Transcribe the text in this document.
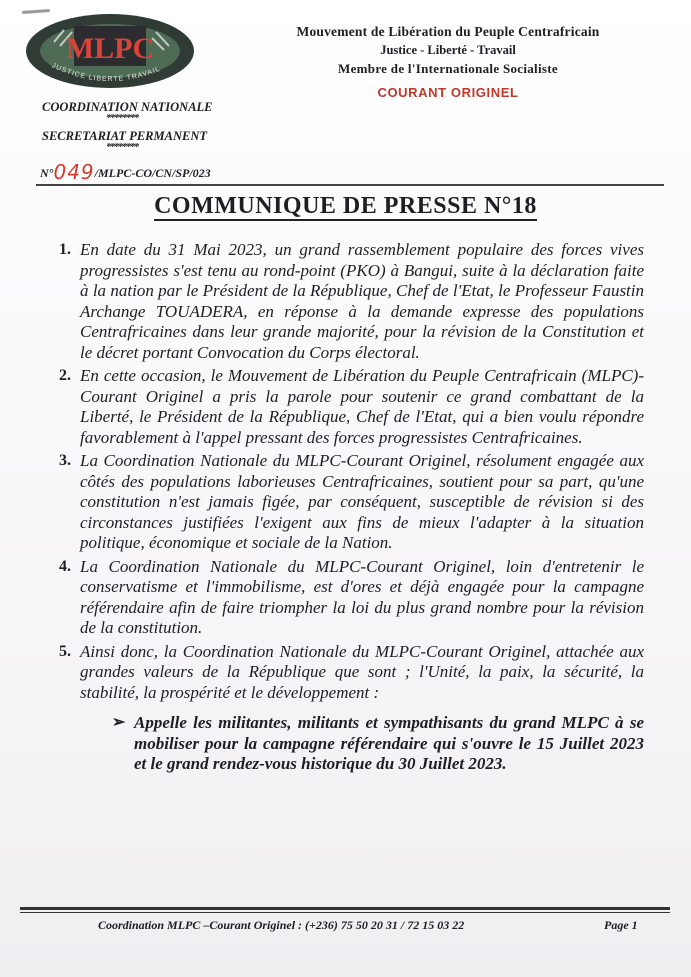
MLPC
JUSTICE LIBERTE TRAVAIL
Mouvement de Libération du Peuple Centrafricain
Justice - Liberté - Travail
Membre de l'Internationale Socialiste
COURANT ORIGINEL
COORDINATION NATIONALE
********
SECRETARIAT PERMANENT
********
N°049/MLPC-CO/CN/SP/023
COMMUNIQUE DE PRESSE N°18
1. En date du 31 Mai 2023, un grand rassemblement populaire des forces vives progressistes s'est tenu au rond-point (PKO) à Bangui, suite à la déclaration faite à la nation par le Président de la République, Chef de l'Etat, le Professeur Faustin Archange TOUADERA, en réponse à la demande expresse des populations Centrafricaines dans leur grande majorité, pour la révision de la Constitution et le décret portant Convocation du Corps électoral.
2. En cette occasion, le Mouvement de Libération du Peuple Centrafricain (MLPC)-Courant Originel a pris la parole pour soutenir ce grand combattant de la Liberté, le Président de la République, Chef de l'Etat, qui a bien voulu répondre favorablement à l'appel pressant des forces progressistes Centrafricaines.
3. La Coordination Nationale du MLPC-Courant Originel, résolument engagée aux côtés des populations laborieuses Centrafricaines, soutient pour sa part, qu'une constitution n'est jamais figée, par conséquent, susceptible de révision si des circonstances justifiées l'exigent aux fins de mieux l'adapter à la situation politique, économique et sociale de la Nation.
4. La Coordination Nationale du MLPC-Courant Originel, loin d'entretenir le conservatisme et l'immobilisme, est d'ores et déjà engagée pour la campagne référendaire afin de faire triompher la loi du plus grand nombre pour la révision de la constitution.
5. Ainsi donc, la Coordination Nationale du MLPC-Courant Originel, attachée aux grandes valeurs de la République que sont ; l'Unité, la paix, la sécurité, la stabilité, la prospérité et le développement :
➢ Appelle les militantes, militants et sympathisants du grand MLPC à se mobiliser pour la campagne référendaire qui s'ouvre le 15 Juillet 2023 et le grand rendez-vous historique du 30 Juillet 2023.
Coordination MLPC –Courant Originel : (+236) 75 50 20 31 / 72 15 03 22	Page 1
